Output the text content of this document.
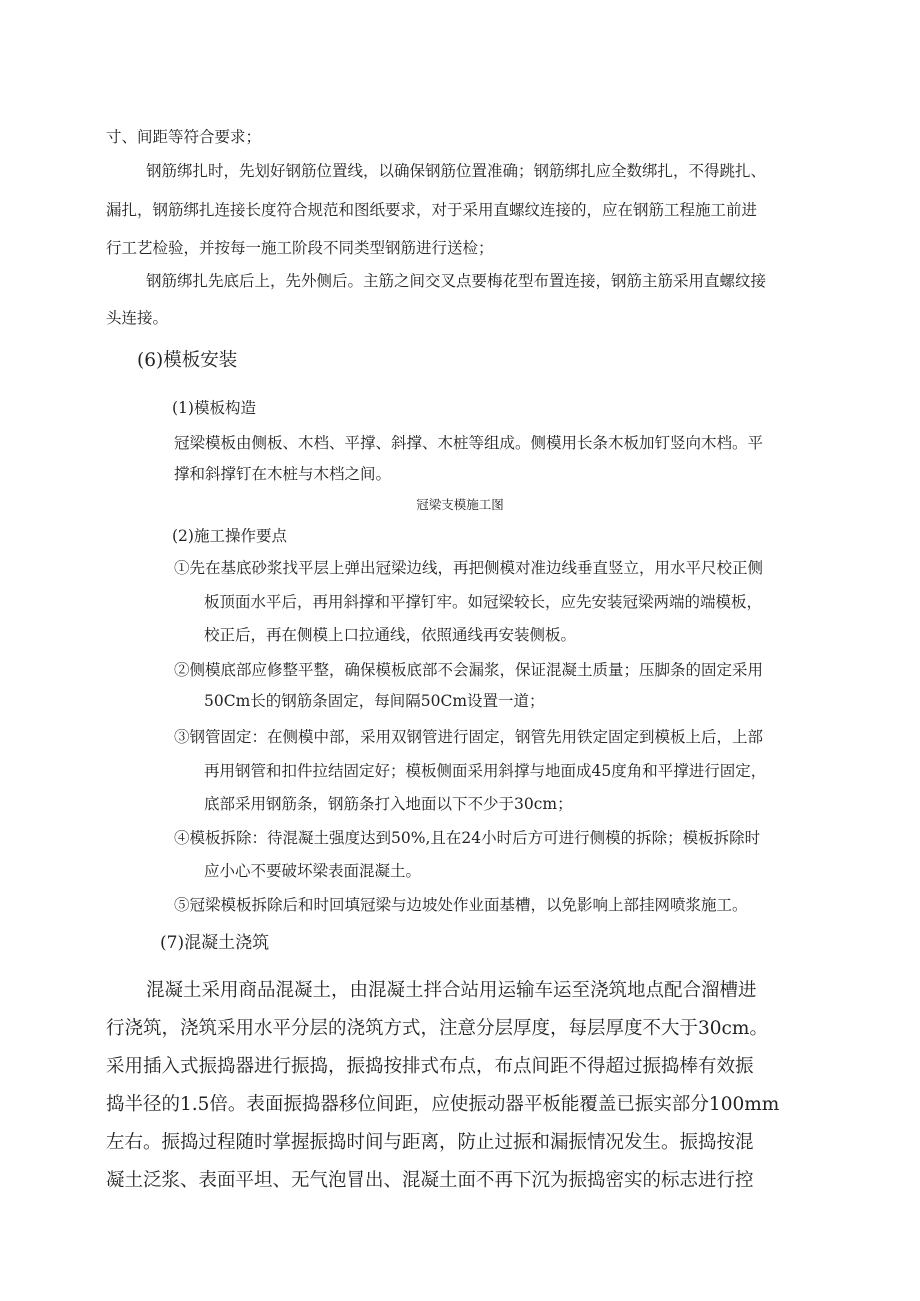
寸、间距等符合要求；

钢筋绑扎时，先划好钢筋位置线，以确保钢筋位置准确；钢筋绑扎应全数绑扎，不得跳扎、

漏扎，钢筋绑扎连接长度符合规范和图纸要求，对于采用直螺纹连接的，应在钢筋工程施工前进

行工艺检验，并按每一施工阶段不同类型钢筋进行送检；

钢筋绑扎先底后上，先外侧后。主筋之间交叉点要梅花型布置连接，钢筋主筋采用直螺纹接

头连接。

(6)模板安装
(1)模板构造

冠梁模板由侧板、木档、平撑、斜撑、木桩等组成。侧模用长条木板加钉竖向木档。平

撑和斜撑钉在木桩与木档之间。

冠梁支模施工图

(2)施工操作要点

①先在基底砂浆找平层上弹出冠梁边线，再把侧模对准边线垂直竖立，用水平尺校正侧

板顶面水平后，再用斜撑和平撑钉牢。如冠梁较长，应先安装冠梁两端的端模板，

校正后，再在侧模上口拉通线，依照通线再安装侧板。

②侧模底部应修整平整，确保模板底部不会漏浆，保证混凝土质量；压脚条的固定采用

50Cm长的钢筋条固定，每间隔50Cm设置一道；

③钢管固定：在侧模中部，采用双钢管进行固定，钢管先用铁定固定到模板上后，上部

再用钢管和扣件拉结固定好；模板侧面采用斜撑与地面成45度角和平撑进行固定，

底部采用钢筋条，钢筋条打入地面以下不少于30cm；

④模板拆除：待混凝土强度达到50%,且在24小时后方可进行侧模的拆除；模板拆除时

应小心不要破坏梁表面混凝土。

⑤冠梁模板拆除后和时回填冠梁与边坡处作业面基槽，以免影响上部挂网喷浆施工。

(7)混凝土浇筑

混凝土采用商品混凝土，由混凝土拌合站用运输车运至浇筑地点配合溜槽进

行浇筑，浇筑采用水平分层的浇筑方式，注意分层厚度，每层厚度不大于30cm。

采用插入式振捣器进行振捣，振捣按排式布点，布点间距不得超过振捣棒有效振

捣半径的1.5倍。表面振捣器移位间距，应使振动器平板能覆盖已振实部分100mm

左右。振捣过程随时掌握振捣时间与距离，防止过振和漏振情况发生。振捣按混

凝土泛浆、表面平坦、无气泡冒出、混凝土面不再下沉为振捣密实的标志进行控
